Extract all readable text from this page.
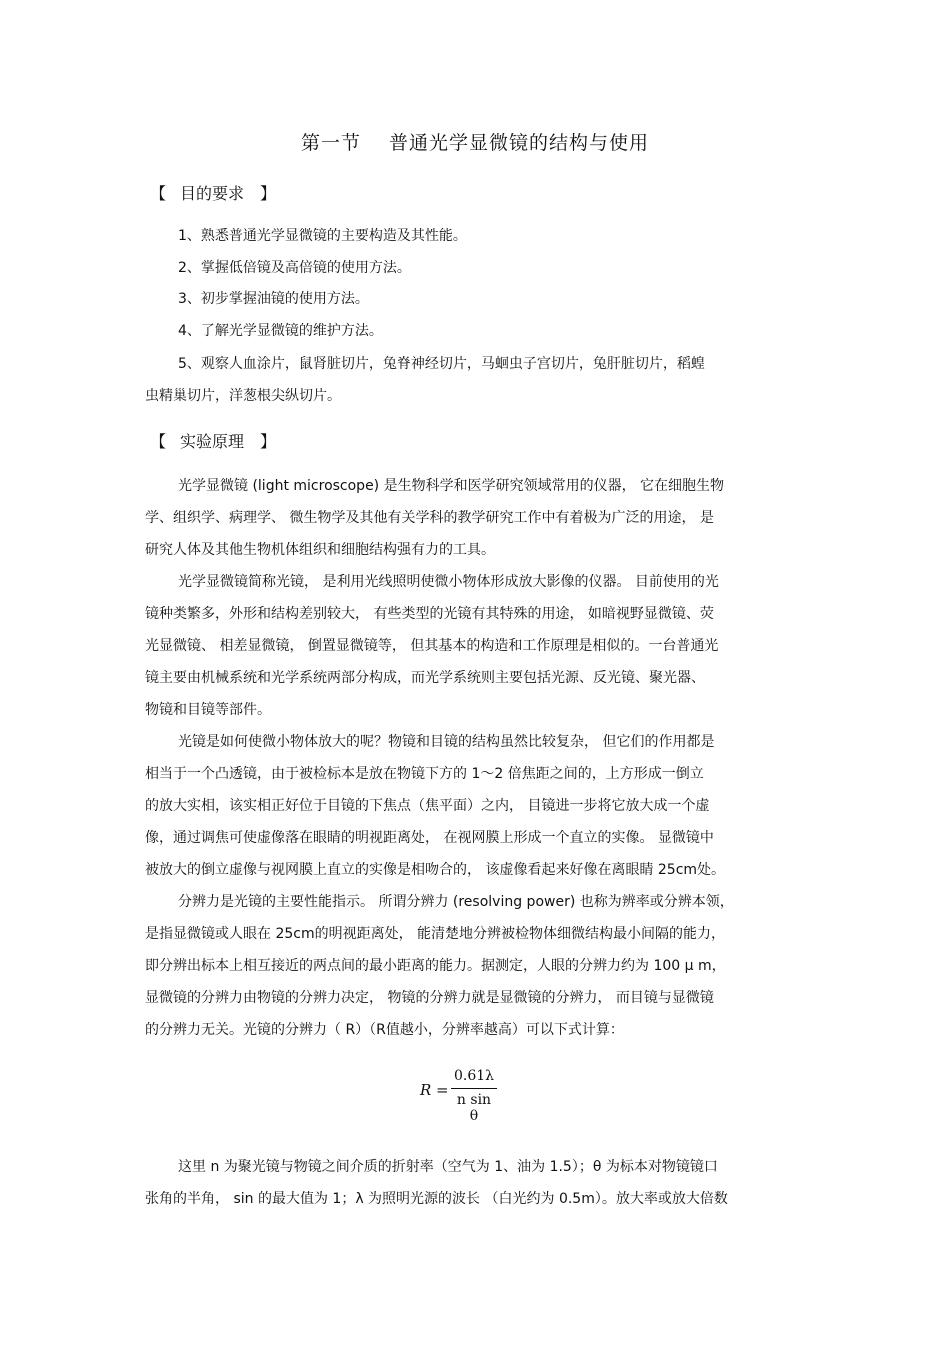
第一节 普通光学显微镜的结构与使用
【 目的要求 】
1、熟悉普通光学显微镜的主要构造及其性能。
2、掌握低倍镜及高倍镜的使用方法。
3、初步掌握油镜的使用方法。
4、了解光学显微镜的维护方法。
5、观察人血涂片，鼠肾脏切片，兔脊神经切片，马蛔虫子宫切片，兔肝脏切片，稻蝗
虫精巢切片，洋葱根尖纵切片。
【 实验原理 】
光学显微镜 (light microscope) 是生物科学和医学研究领域常用的仪器， 它在细胞生物
学、组织学、病理学、 微生物学及其他有关学科的教学研究工作中有着极为广泛的用途， 是
研究人体及其他生物机体组织和细胞结构强有力的工具。
光学显微镜简称光镜， 是利用光线照明使微小物体形成放大影像的仪器。 目前使用的光
镜种类繁多，外形和结构差别较大， 有些类型的光镜有其特殊的用途， 如暗视野显微镜、荧
光显微镜、 相差显微镜， 倒置显微镜等， 但其基本的构造和工作原理是相似的。一台普通光
镜主要由机械系统和光学系统两部分构成，而光学系统则主要包括光源、反光镜、聚光器、
物镜和目镜等部件。
光镜是如何使微小物体放大的呢？物镜和目镜的结构虽然比较复杂， 但它们的作用都是
相当于一个凸透镜，由于被检标本是放在物镜下方的 1～2 倍焦距之间的，上方形成一倒立
的放大实相，该实相正好位于目镜的下焦点（焦平面）之内， 目镜进一步将它放大成一个虚
像，通过调焦可使虚像落在眼睛的明视距离处， 在视网膜上形成一个直立的实像。 显微镜中
被放大的倒立虚像与视网膜上直立的实像是相吻合的， 该虚像看起来好像在离眼睛 25cm处。
分辨力是光镜的主要性能指示。 所谓分辨力 (resolving power) 也称为辨率或分辨本领，
是指显微镜或人眼在 25cm的明视距离处， 能清楚地分辨被检物体细微结构最小间隔的能力，
即分辨出标本上相互接近的两点间的最小距离的能力。据测定，人眼的分辨力约为 100 μ m，
显微镜的分辨力由物镜的分辨力决定， 物镜的分辨力就是显微镜的分辨力， 而目镜与显微镜
的分辨力无关。光镜的分辨力（ R）（R值越小，分辨率越高）可以下式计算：
R =
0.61λ
n sin θ
这里 n 为聚光镜与物镜之间介质的折射率（空气为 1、油为 1.5）；θ 为标本对物镜镜口
张角的半角， sin 的最大值为 1；λ 为照明光源的波长 （白光约为 0.5m）。放大率或放大倍数
